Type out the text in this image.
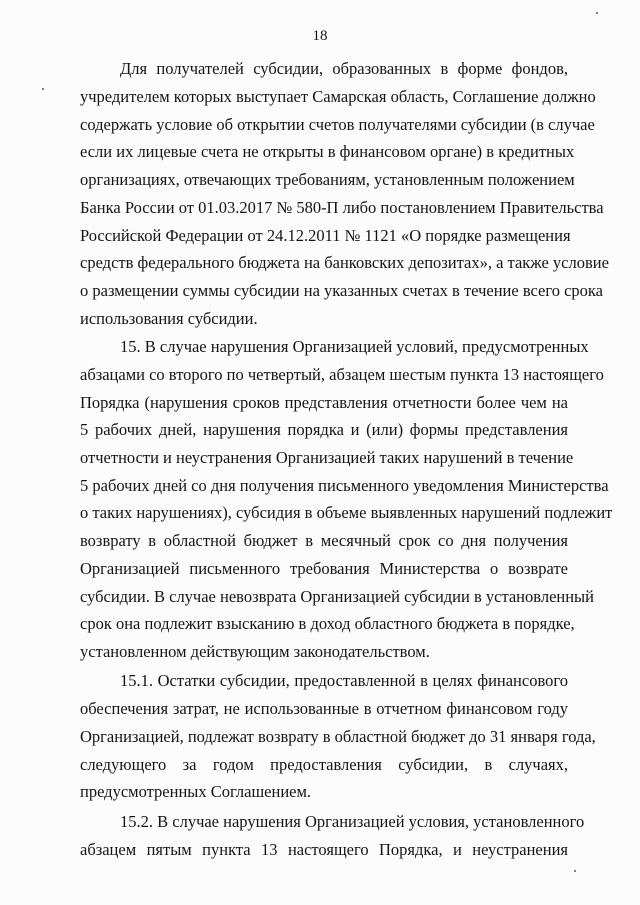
18
Для получателей субсидии, образованных в форме фондов,
учредителем которых выступает Самарская область, Соглашение должно
содержать условие об открытии счетов получателями субсидии (в случае
если их лицевые счета не открыты в финансовом органе) в кредитных
организациях, отвечающих требованиям, установленным положением
Банка России от 01.03.2017 № 580-П либо постановлением Правительства
Российской Федерации от 24.12.2011 № 1121 «О порядке размещения
средств федерального бюджета на банковских депозитах», а также условие
о размещении суммы субсидии на указанных счетах в течение всего срока
использования субсидии.
15. В случае нарушения Организацией условий, предусмотренных
абзацами со второго по четвертый, абзацем шестым пункта 13 настоящего
Порядка (нарушения сроков представления отчетности более чем на
5 рабочих дней, нарушения порядка и (или) формы представления
отчетности и неустранения Организацией таких нарушений в течение
5 рабочих дней со дня получения письменного уведомления Министерства
о таких нарушениях), субсидия в объеме выявленных нарушений подлежит
возврату в областной бюджет в месячный срок со дня получения
Организацией письменного требования Министерства о возврате
субсидии. В случае невозврата Организацией субсидии в установленный
срок она подлежит взысканию в доход областного бюджета в порядке,
установленном действующим законодательством.
15.1. Остатки субсидии, предоставленной в целях финансового
обеспечения затрат, не использованные в отчетном финансовом году
Организацией, подлежат возврату в областной бюджет до 31 января года,
следующего за годом предоставления субсидии, в случаях,
предусмотренных Соглашением.
15.2. В случае нарушения Организацией условия, установленного
абзацем пятым пункта 13 настоящего Порядка, и неустранения
